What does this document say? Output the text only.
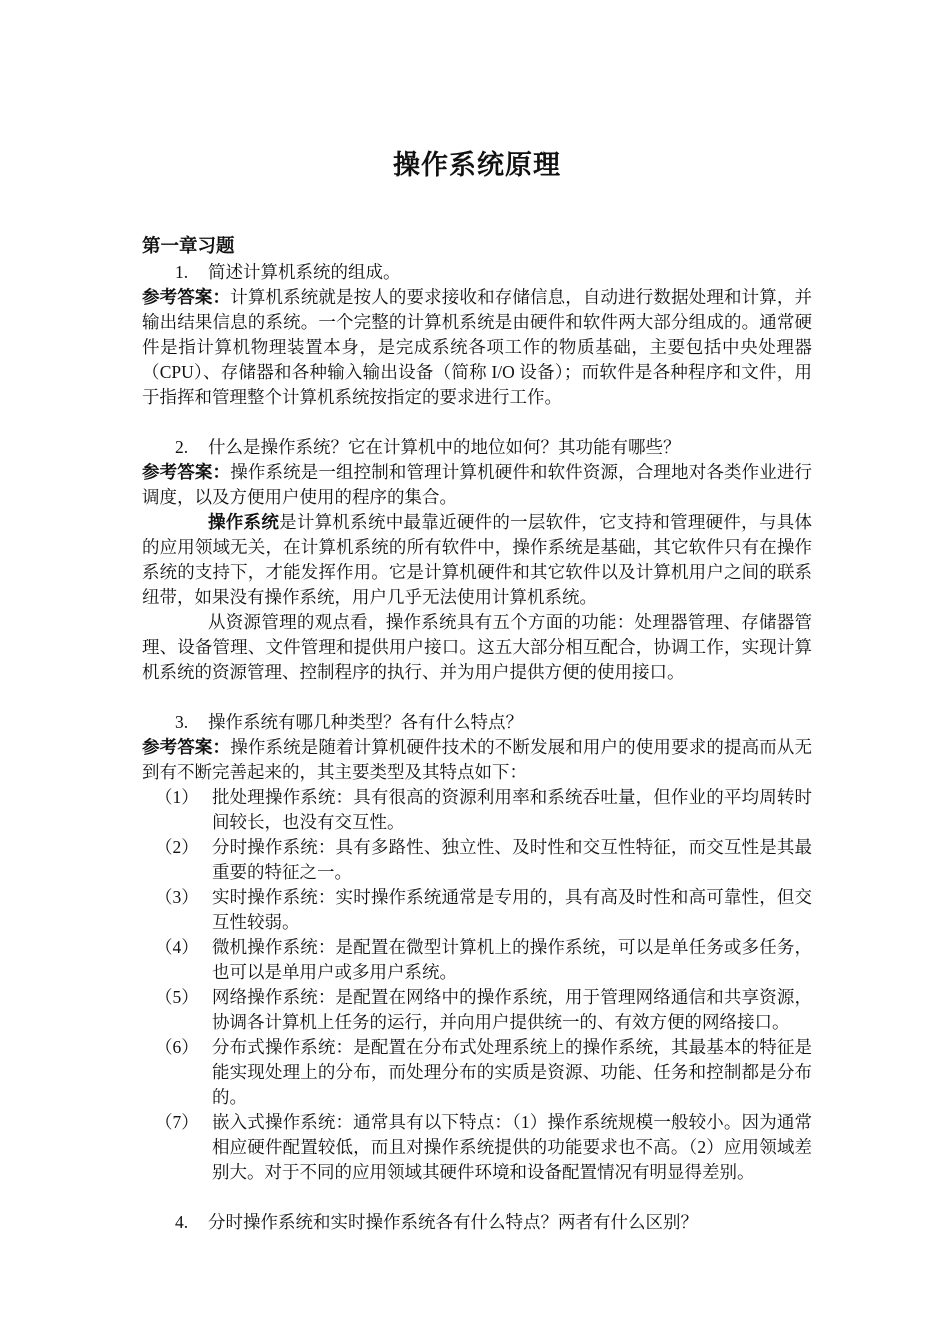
操作系统原理
第一章习题

1. 简述计算机系统的组成。

参考答案：计算机系统就是按人的要求接收和存储信息，自动进行数据处理和计算，并输出结果信息的系统。一个完整的计算机系统是由硬件和软件两大部分组成的。通常硬件是指计算机物理装置本身，是完成系统各项工作的物质基础，主要包括中央处理器（CPU）、存储器和各种输入输出设备（简称 I/O 设备）；而软件是各种程序和文件，用于指挥和管理整个计算机系统按指定的要求进行工作。

2. 什么是操作系统？它在计算机中的地位如何？其功能有哪些？

参考答案：操作系统是一组控制和管理计算机硬件和软件资源，合理地对各类作业进行调度，以及方便用户使用的程序的集合。

操作系统是计算机系统中最靠近硬件的一层软件，它支持和管理硬件，与具体的应用领域无关，在计算机系统的所有软件中，操作系统是基础，其它软件只有在操作系统的支持下，才能发挥作用。它是计算机硬件和其它软件以及计算机用户之间的联系纽带，如果没有操作系统，用户几乎无法使用计算机系统。

从资源管理的观点看，操作系统具有五个方面的功能：处理器管理、存储器管理、设备管理、文件管理和提供用户接口。这五大部分相互配合，协调工作，实现计算机系统的资源管理、控制程序的执行、并为用户提供方便的使用接口。

3. 操作系统有哪几种类型？各有什么特点？

参考答案：操作系统是随着计算机硬件技术的不断发展和用户的使用要求的提高而从无到有不断完善起来的，其主要类型及其特点如下：

（1） 批处理操作系统：具有很高的资源利用率和系统吞吐量，但作业的平均周转时间较长，也没有交互性。
（2） 分时操作系统：具有多路性、独立性、及时性和交互性特征，而交互性是其最重要的特征之一。
（3） 实时操作系统：实时操作系统通常是专用的，具有高及时性和高可靠性，但交互性较弱。
（4） 微机操作系统：是配置在微型计算机上的操作系统，可以是单任务或多任务，也可以是单用户或多用户系统。
（5） 网络操作系统：是配置在网络中的操作系统，用于管理网络通信和共享资源，协调各计算机上任务的运行，并向用户提供统一的、有效方便的网络接口。
（6） 分布式操作系统：是配置在分布式处理系统上的操作系统，其最基本的特征是能实现处理上的分布，而处理分布的实质是资源、功能、任务和控制都是分布的。
（7） 嵌入式操作系统：通常具有以下特点：（1）操作系统规模一般较小。因为通常相应硬件配置较低，而且对操作系统提供的功能要求也不高。（2）应用领域差别大。对于不同的应用领域其硬件环境和设备配置情况有明显得差别。

4. 分时操作系统和实时操作系统各有什么特点？两者有什么区别？
